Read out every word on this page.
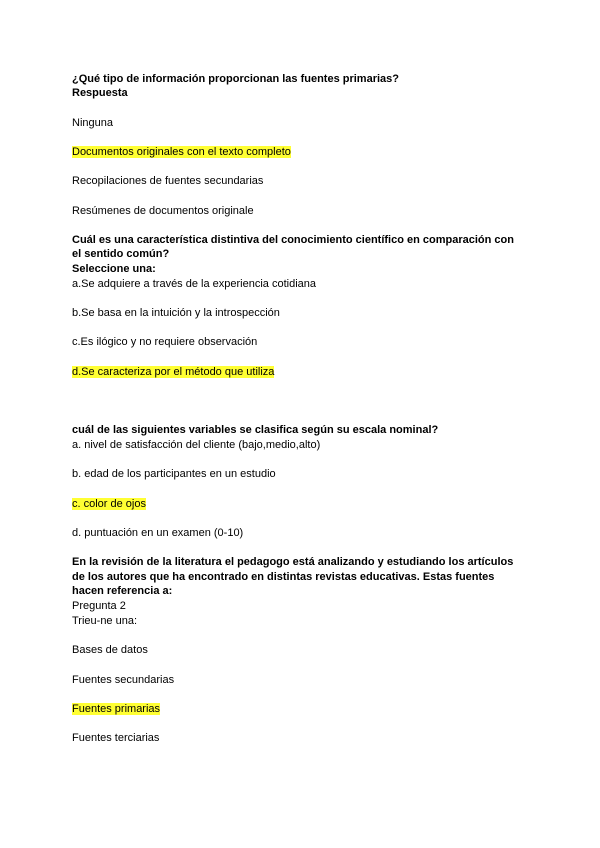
¿Qué tipo de información proporcionan las fuentes primarias?
Respuesta
Ninguna
Documentos originales con el texto completo
Recopilaciones de fuentes secundarias
Resúmenes de documentos originale
Cuál es una característica distintiva del conocimiento científico en comparación con
el sentido común?
Seleccione una:
a.Se adquiere a través de la experiencia cotidiana
b.Se basa en la intuición y la introspección
c.Es ilógico y no requiere observación
d.Se caracteriza por el método que utiliza
cuál de las siguientes variables se clasifica según su escala nominal?
a. nivel de satisfacción del cliente (bajo,medio,alto)
b. edad de los participantes en un estudio
c. color de ojos
d. puntuación en un examen (0-10)
En la revisión de la literatura el pedagogo está analizando y estudiando los artículos
de los autores que ha encontrado en distintas revistas educativas. Estas fuentes
hacen referencia a:
Pregunta 2
Trieu-ne una:
Bases de datos
Fuentes secundarias
Fuentes primarias
Fuentes terciarias
